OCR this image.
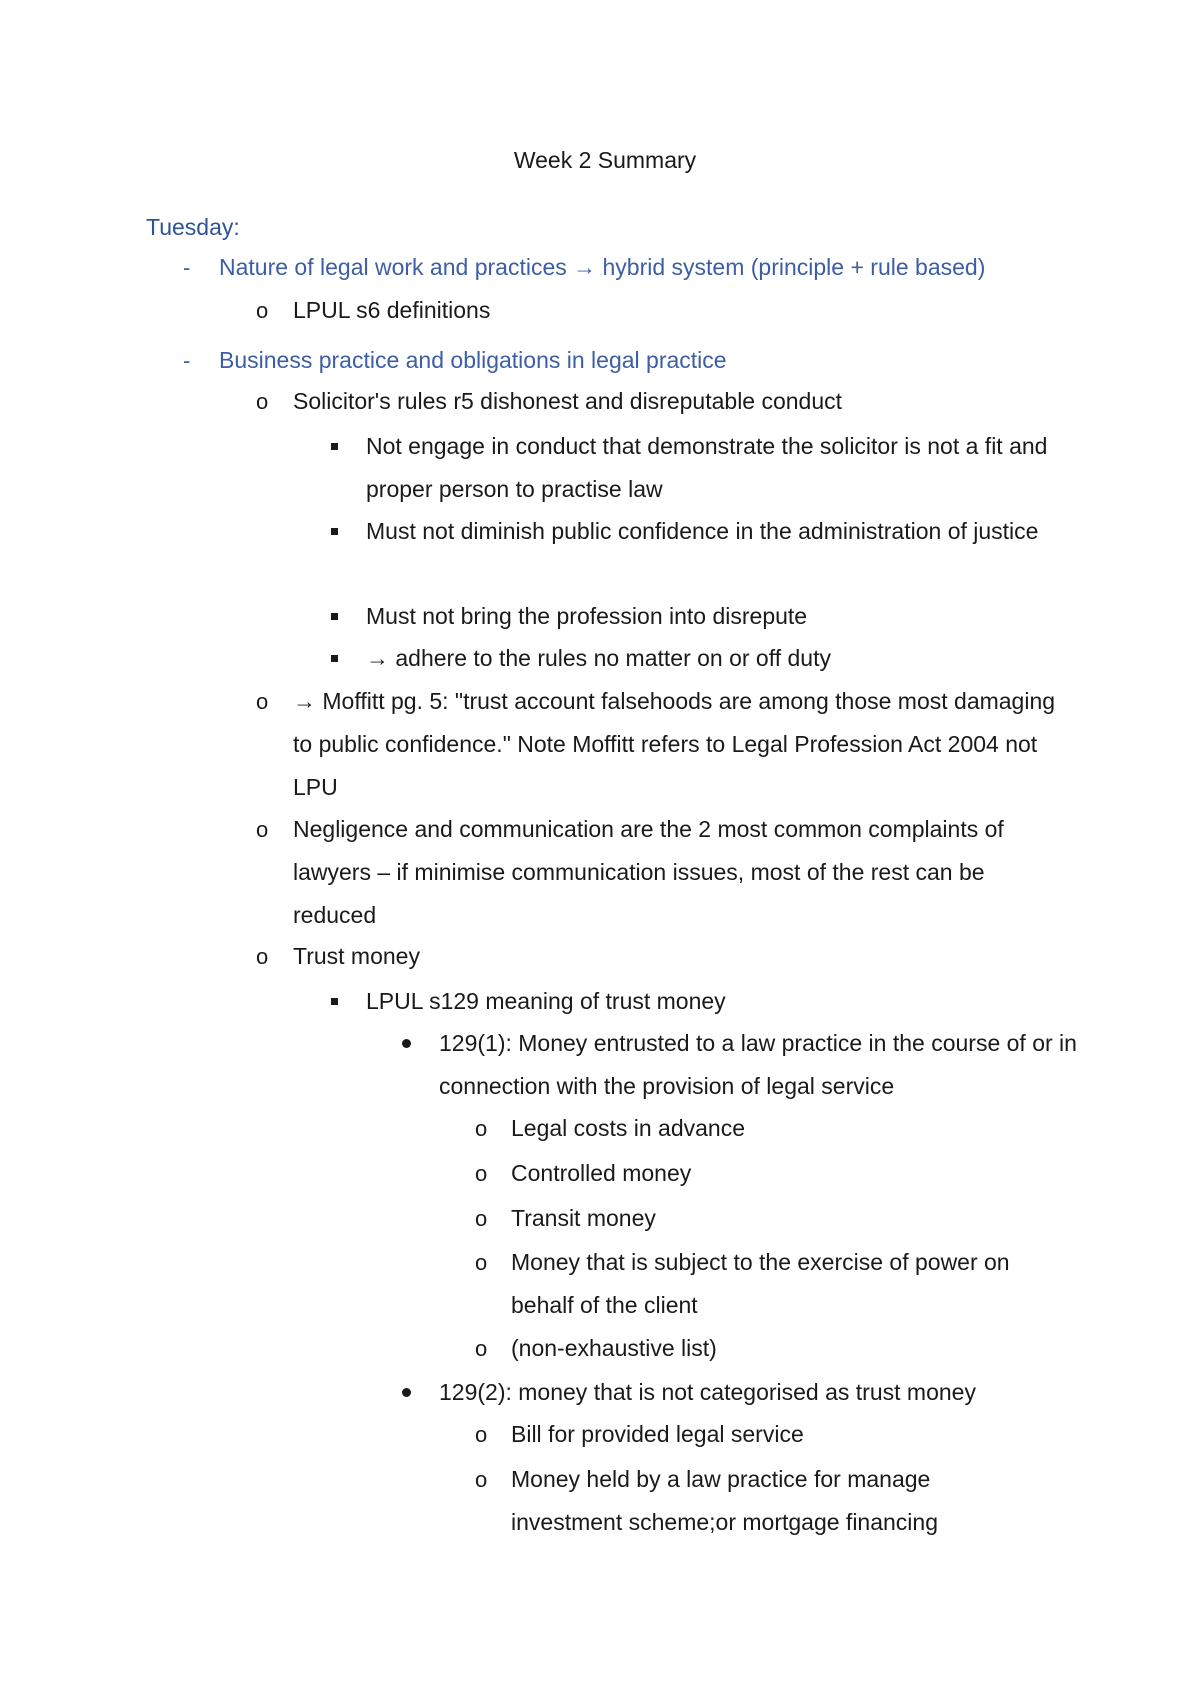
Week 2 Summary
Tuesday:
- Nature of legal work and practices → hybrid system (principle + rule based)
o LPUL s6 definitions
- Business practice and obligations in legal practice
o Solicitor's rules r5 dishonest and disreputable conduct
Not engage in conduct that demonstrate the solicitor is not a fit and proper person to practise law
Must not diminish public confidence in the administration of justice
Must not bring the profession into disrepute
→ adhere to the rules no matter on or off duty
o → Moffitt pg. 5: "trust account falsehoods are among those most damaging to public confidence." Note Moffitt refers to Legal Profession Act 2004 not LPU
o Negligence and communication are the 2 most common complaints of lawyers – if minimise communication issues, most of the rest can be reduced
o Trust money
LPUL s129 meaning of trust money
129(1): Money entrusted to a law practice in the course of or in connection with the provision of legal service
o Legal costs in advance
o Controlled money
o Transit money
o Money that is subject to the exercise of power on behalf of the client
o (non-exhaustive list)
129(2): money that is not categorised as trust money
o Bill for provided legal service
o Money held by a law practice for manage investment scheme;or mortgage financing
